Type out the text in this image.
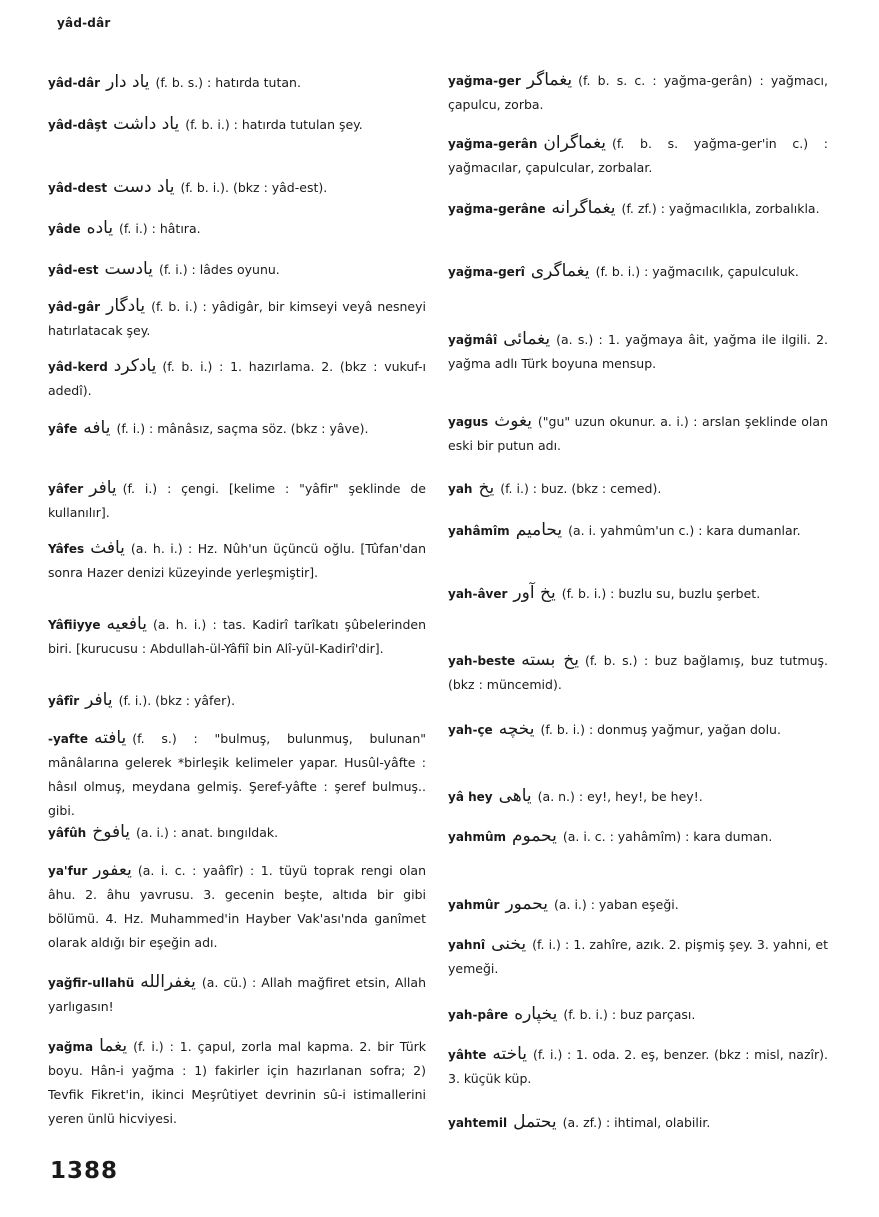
yâd-dâr
yâd-dâr یاد دار (f. b. s.) : hatırda tutan.
yâd-dâşt یاد داشت (f. b. i.) : hatırda tutulan şey.
yâd-dest یاد دست (f. b. i.). (bkz : yâd-est).
yâde یاده (f. i.) : hâtıra.
yâd-est یادست (f. i.) : lâdes oyunu.
yâd-gâr یادگار (f. b. i.) : yâdigâr, bir kimseyi veyâ nesneyi hatırlatacak şey.
yâd-kerd یادکرد (f. b. i.) : 1. hazırlama. 2. (bkz : vukuf-ı adedî).
yâfe یافه (f. i.) : mânâsız, saçma söz. (bkz : yâve).
yâfer یافر (f. i.) : çengi. [kelime : "yâfir" şeklinde de kullanılır].
Yâfes یافث (a. h. i.) : Hz. Nûh'un üçüncü oğlu. [Tûfan'dan sonra Hazer denizi küzeyinde yerleşmiştir].
Yâfiiyye یافعیه (a. h. i.) : tas. Kadirî tarîkatı şûbelerinden biri. [kurucusu : Abdullah-ül-Yâfiî bin Alî-yül-Kadirî'dir].
yâfîr یافر (f. i.). (bkz : yâfer).
-yafte یافته (f. s.) : "bulmuş, bulunmuş, bulunan" mânâlarına gelerek *birleşik kelimeler yapar. Husûl-yâfte : hâsıl olmuş, meydana gelmiş. Şeref-yâfte : şeref bulmuş.. gibi.
yâfûh یافوخ (a. i.) : anat. bıngıldak.
ya'fur یعفور (a. i. c. : yaâfîr) : 1. tüyü toprak rengi olan âhu. 2. âhu yavrusu. 3. gecenin beşte, altıda bir gibi bölümü. 4. Hz. Muhammed'in Hayber Vak'ası'nda ganîmet olarak aldığı bir eşeğin adı.
yağfir-ullahü یغفرالله (a. cü.) : Allah mağfiret etsin, Allah yarlıgasın!
yağma یغما (f. i.) : 1. çapul, zorla mal kapma. 2. bir Türk boyu. Hân-i yağma : 1) fakirler için hazırlanan sofra; 2) Tevfik Fikret'in, ikinci Meşrûtiyet devrinin sû-i istimallerini yeren ünlü hicviyesi.
yağma-ger یغماگر (f. b. s. c. : yağma-gerân) : yağmacı, çapulcu, zorba.
yağma-gerân یغماگران (f. b. s. yağma-ger'in c.) : yağmacılar, çapulcular, zorbalar.
yağma-gerâne یغماگرانه (f. zf.) : yağmacılıkla, zorbalıkla.
yağma-gerî یغماگری (f. b. i.) : yağmacılık, çapulculuk.
yağmâî یغمائی (a. s.) : 1. yağmaya âit, yağma ile ilgili. 2. yağma adlı Türk boyuna mensup.
yagus یغوث ("gu" uzun okunur. a. i.) : arslan şeklinde olan eski bir putun adı.
yah یخ (f. i.) : buz. (bkz : cemed).
yahâmîm یحامیم (a. i. yahmûm'un c.) : kara dumanlar.
yah-âver یخ آور (f. b. i.) : buzlu su, buzlu şerbet.
yah-beste یخ بسته (f. b. s.) : buz bağlamış, buz tutmuş. (bkz : müncemid).
yah-çe یخچه (f. b. i.) : donmuş yağmur, yağan dolu.
yâ hey یاهی (a. n.) : ey!, hey!, be hey!.
yahmûm یحموم (a. i. c. : yahâmîm) : kara duman.
yahmûr یحمور (a. i.) : yaban eşeği.
yahnî یخنی (f. i.) : 1. zahîre, azık. 2. pişmiş şey. 3. yahni, et yemeği.
yah-pâre یخپاره (f. b. i.) : buz parçası.
yâhte یاخته (f. i.) : 1. oda. 2. eş, benzer. (bkz : misl, nazîr). 3. küçük küp.
yahtemil یحتمل (a. zf.) : ihtimal, olabilir.
1388
